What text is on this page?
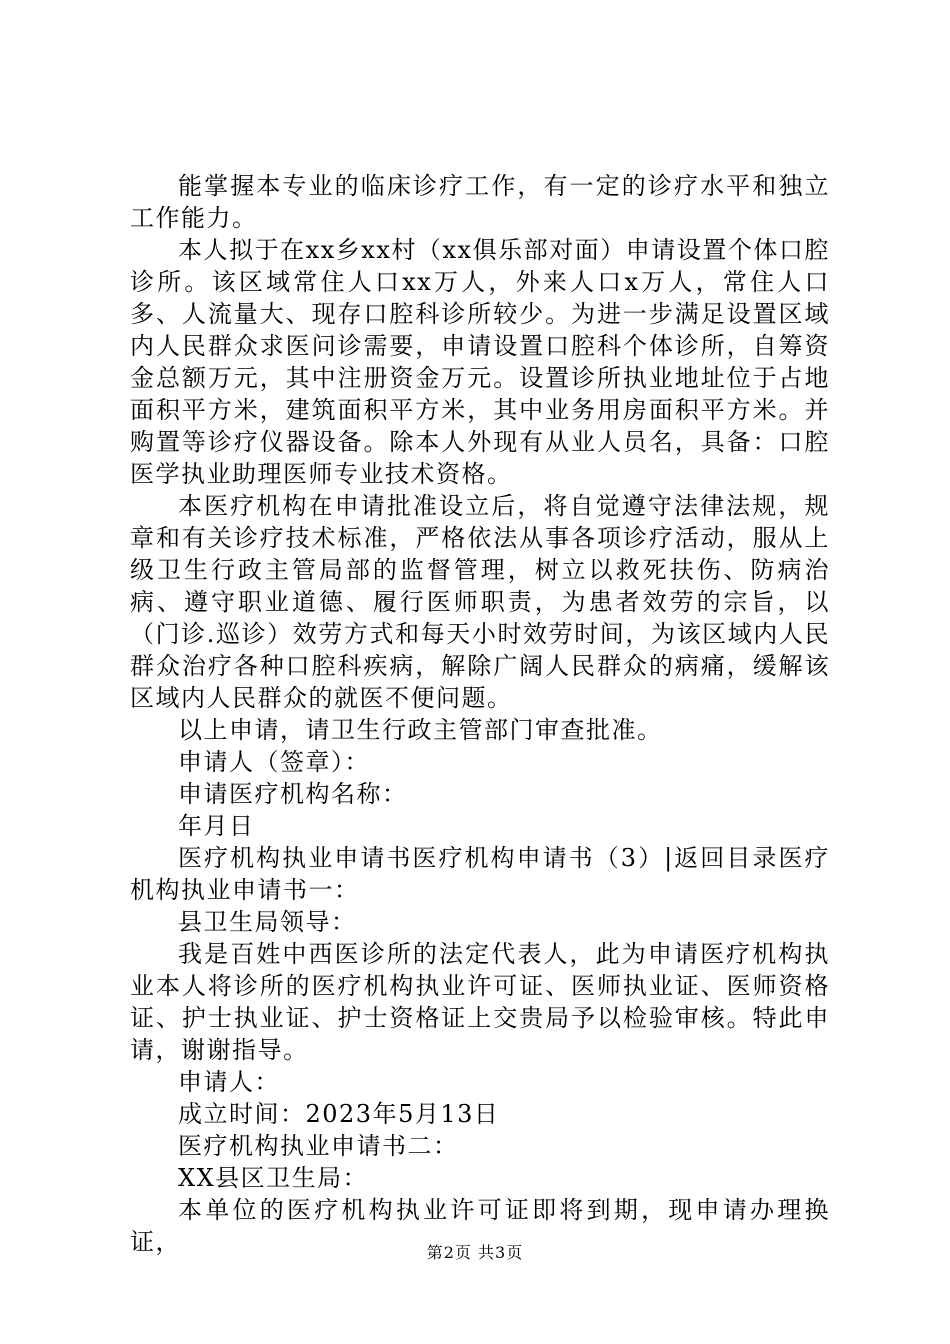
能掌握本专业的临床诊疗工作，有一定的诊疗水平和独立工作能力。

本人拟于在xx乡xx村（xx俱乐部对面）申请设置个体口腔诊所。该区域常住人口xx万人，外来人口x万人，常住人口多、人流量大、现存口腔科诊所较少。为进一步满足设置区域内人民群众求医问诊需要，申请设置口腔科个体诊所，自筹资金总额万元，其中注册资金万元。设置诊所执业地址位于占地面积平方米，建筑面积平方米，其中业务用房面积平方米。并购置等诊疗仪器设备。除本人外现有从业人员名，具备：口腔医学执业助理医师专业技术资格。

本医疗机构在申请批准设立后，将自觉遵守法律法规，规章和有关诊疗技术标准，严格依法从事各项诊疗活动，服从上级卫生行政主管局部的监督管理，树立以救死扶伤、防病治病、遵守职业道德、履行医师职责，为患者效劳的宗旨，以（门诊.巡诊）效劳方式和每天小时效劳时间，为该区域内人民群众治疗各种口腔科疾病，解除广阔人民群众的病痛，缓解该区域内人民群众的就医不便问题。

以上申请，请卫生行政主管部门审查批准。

申请人（签章）：

申请医疗机构名称：

年月日

医疗机构执业申请书医疗机构申请书（3）|返回目录医疗机构执业申请书一：

县卫生局领导：

我是百姓中西医诊所的法定代表人，此为申请医疗机构执业本人将诊所的医疗机构执业许可证、医师执业证、医师资格证、护士执业证、护士资格证上交贵局予以检验审核。特此申请，谢谢指导。

申请人：

成立时间：2023年5月13日

医疗机构执业申请书二：

XX县区卫生局：

本单位的医疗机构执业许可证即将到期，现申请办理换证，	第2页 共3页
